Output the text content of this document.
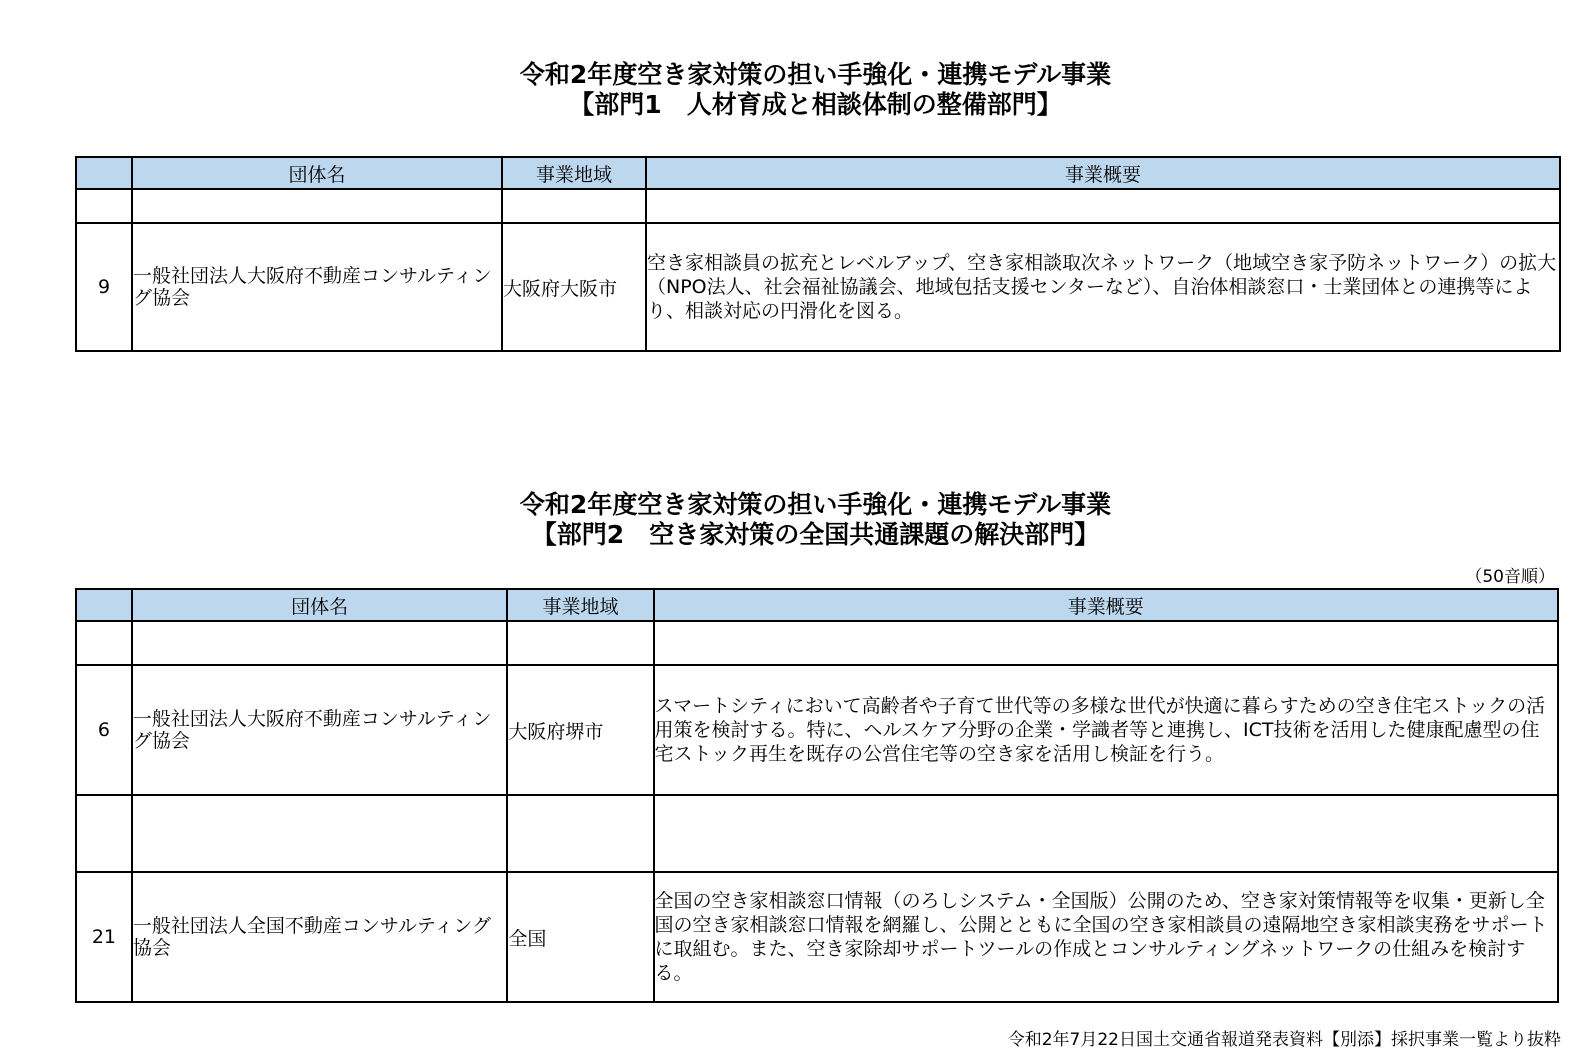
令和2年度空き家対策の担い手強化・連携モデル事業
【部門1　人材育成と相談体制の整備部門】
	団体名	事業地域	事業概要

9	一般社団法人大阪府不動産コンサルティング協会	大阪府大阪市	空き家相談員の拡充とレベルアップ、空き家相談取次ネットワーク（地域空き家予防ネットワーク）の拡大（NPO法人、社会福祉協議会、地域包括支援センターなど）、自治体相談窓口・士業団体との連携等により、相談対応の円滑化を図る。
令和2年度空き家対策の担い手強化・連携モデル事業
【部門2　空き家対策の全国共通課題の解決部門】
（50音順）
	団体名	事業地域	事業概要

6	一般社団法人大阪府不動産コンサルティング協会	大阪府堺市	スマートシティにおいて高齢者や子育て世代等の多様な世代が快適に暮らすための空き住宅ストックの活用策を検討する。特に、ヘルスケア分野の企業・学識者等と連携し、ICT技術を活用した健康配慮型の住宅ストック再生を既存の公営住宅等の空き家を活用し検証を行う。

21	一般社団法人全国不動産コンサルティング協会	全国	全国の空き家相談窓口情報（のろしシステム・全国版）公開のため、空き家対策情報等を収集・更新し全国の空き家相談窓口情報を網羅し、公開とともに全国の空き家相談員の遠隔地空き家相談実務をサポートに取組む。また、空き家除却サポートツールの作成とコンサルティングネットワークの仕組みを検討する。
令和2年7月22日国土交通省報道発表資料【別添】採択事業一覧より抜粋
